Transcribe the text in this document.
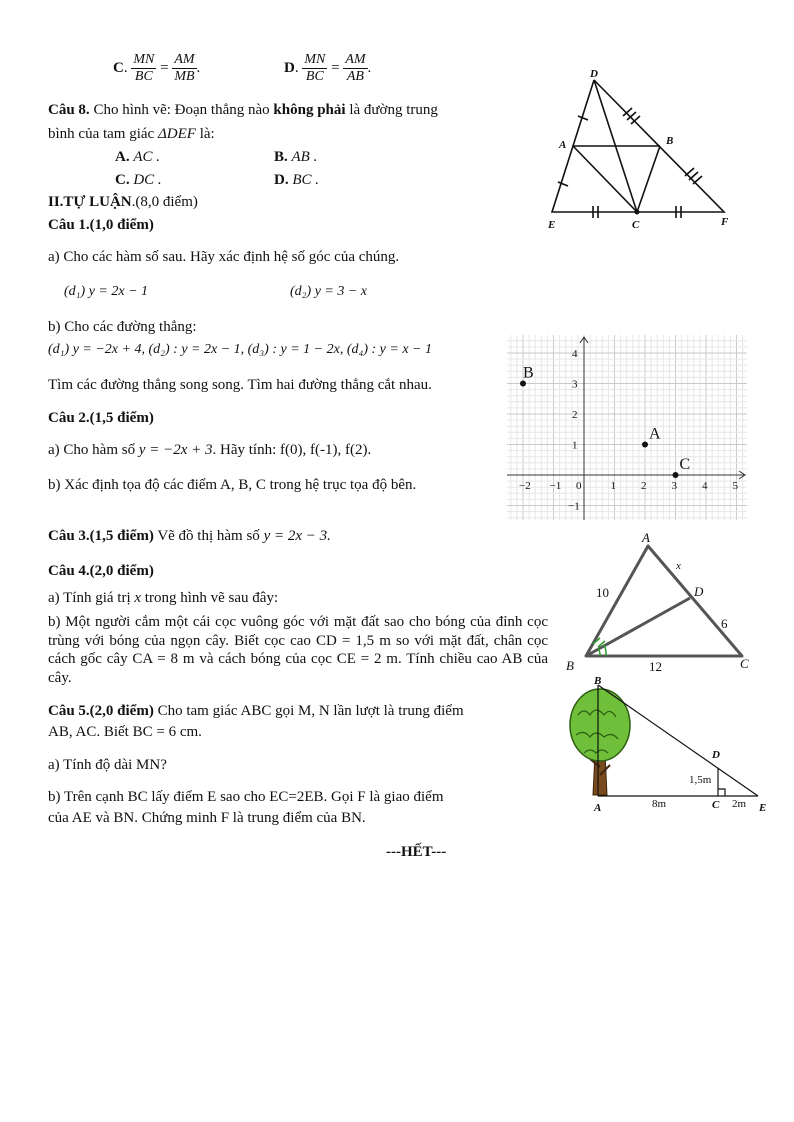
C. $\frac{MN}{BC} = \frac{AM}{MB}$ .	D. $\frac{MN}{BC} = \frac{AM}{AB}$ .
Câu 8. Cho hình vẽ: Đoạn thẳng nào không phải là đường trung
bình của tam giác ΔDEF là:
A. AC .	B. AB .
C. DC .	D. BC .
D
A	B
E	C	F
II.TỰ LUẬN.(8,0 điểm)
Câu 1.(1,0 điểm)
a) Cho các hàm số sau. Hãy xác định hệ số góc của chúng.
(d₁) y = 2x − 1	(d₂) y = 3 − x
b) Cho các đường thẳng:
(d₁) y = −2x + 4, (d₂) : y = 2x − 1, (d₃) : y = 1 − 2x, (d₄) : y = x − 1
Tìm các đường thẳng song song. Tìm hai đường thẳng cắt nhau.
Câu 2.(1,5 điểm)
a) Cho hàm số y = −2x + 3. Hãy tính: f(0), f(-1), f(2).
b) Xác định tọa độ các điểm A, B, C trong hệ trục tọa độ bên.	−2 −1 0	1 2 3 4 5
4
3
2
1
−1
A
B
C
Câu 3.(1,5 điểm) Vẽ đồ thị hàm số y = 2x − 3.
Câu 4.(2,0 điểm)
a) Tính giá trị x trong hình vẽ sau đây:
b) Một người cắm một cái cọc vuông góc với mặt đất sao cho bóng của đỉnh cọc trùng với bóng của ngọn cây. Biết cọc cao CD = 1,5 m so với mặt đất, chân cọc cách gốc cây CA = 8 m và cách bóng của cọc CE = 2 m. Tính chiều cao AB của cây.
A
x
D
10
6
12
B	C
B
D
1,5m
A	8m	C 2m E
Câu 5.(2,0 điểm) Cho tam giác ABC gọi M, N lần lượt là trung điểm
AB, AC. Biết BC = 6 cm.
a) Tính độ dài MN?
b) Trên cạnh BC lấy điểm E sao cho EC=2EB. Gọi F là giao điểm
của AE và BN. Chứng minh F là trung điểm của BN.
---HẾT---
